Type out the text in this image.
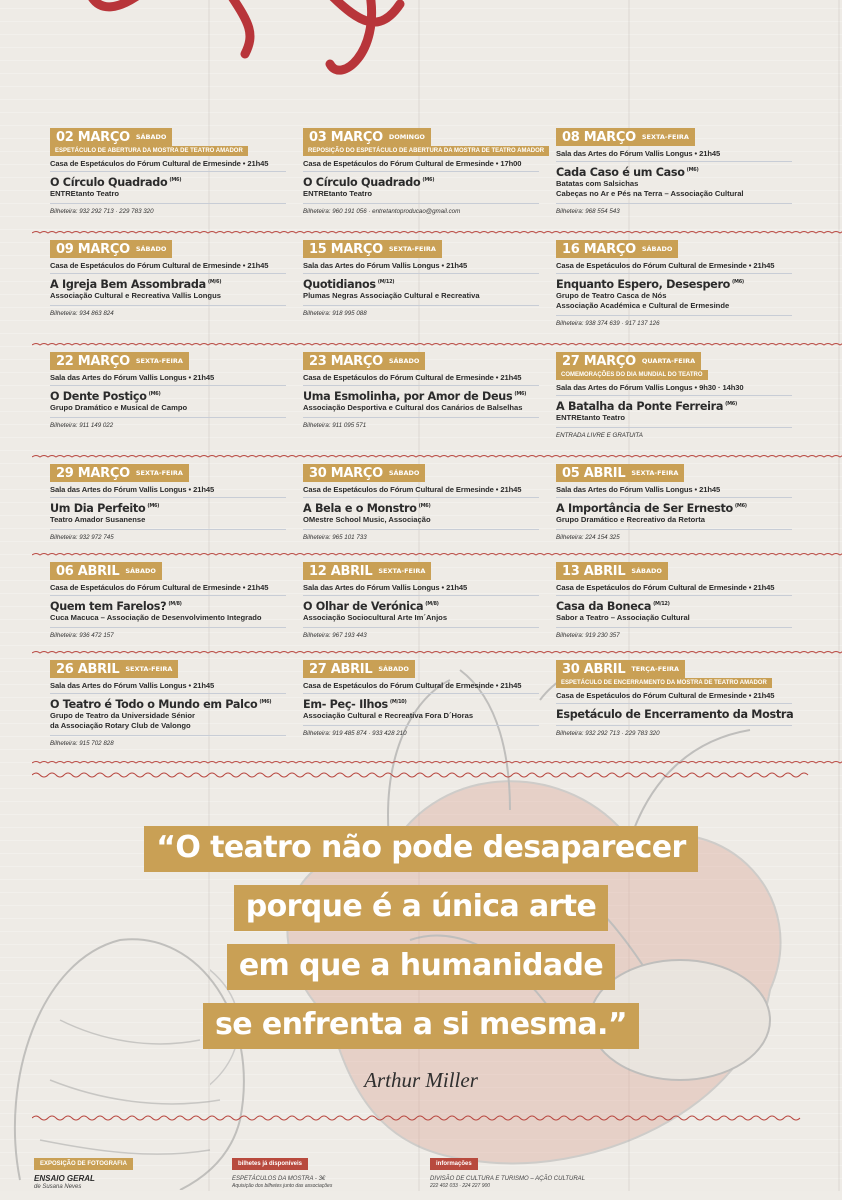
02 MARÇO SÁBADO
ESPETÁCULO DE ABERTURA DA MOSTRA DE TEATRO AMADOR
Casa de Espetáculos do Fórum Cultural de Ermesinde • 21h45
O Círculo Quadrado $^{(M6)}$
ENTREtanto Teatro
Bilheteira: 932 292 713 · 229 783 320
03 MARÇO DOMINGO
REPOSIÇÃO DO ESPETÁCULO DE ABERTURA DA MOSTRA DE TEATRO AMADOR
Casa de Espetáculos do Fórum Cultural de Ermesinde • 17h00
O Círculo Quadrado $^{(M6)}$
ENTREtanto Teatro
Bilheteira: 960 191 056 · entretantoproducao@gmail.com
08 MARÇO SEXTA-FEIRA
Sala das Artes do Fórum Vallis Longus • 21h45
Cada Caso é um Caso $^{(M6)}$
Batatas com Salsichas
Cabeças no Ar e Pés na Terra – Associação Cultural
Bilheteira: 968 554 543
09 MARÇO SÁBADO
Casa de Espetáculos do Fórum Cultural de Ermesinde • 21h45
A Igreja Bem Assombrada $^{(M/6)}$
Associação Cultural e Recreativa Vallis Longus
Bilheteira: 934 863 824
15 MARÇO SEXTA-FEIRA
Sala das Artes do Fórum Vallis Longus • 21h45
Quotidianos $^{(M/12)}$
Plumas Negras Associação Cultural e Recreativa
Bilheteira: 918 995 088
16 MARÇO SÁBADO
Casa de Espetáculos do Fórum Cultural de Ermesinde • 21h45
Enquanto Espero, Desespero $^{(M6)}$
Grupo de Teatro Casca de Nós
Associação Académica e Cultural de Ermesinde
Bilheteira: 938 374 639 · 917 137 126
22 MARÇO SEXTA-FEIRA
Sala das Artes do Fórum Vallis Longus • 21h45
O Dente Postiço $^{(M6)}$
Grupo Dramático e Musical de Campo
Bilheteira: 911 149 022
23 MARÇO SÁBADO
Casa de Espetáculos do Fórum Cultural de Ermesinde • 21h45
Uma Esmolinha, por Amor de Deus $^{(M6)}$
Associação Desportiva e Cultural dos Canários de Balselhas
Bilheteira: 911 095 571
27 MARÇO QUARTA-FEIRA
COMEMORAÇÕES DO DIA MUNDIAL DO TEATRO
Sala das Artes do Fórum Vallis Longus • 9h30 · 14h30
A Batalha da Ponte Ferreira $^{(M6)}$
ENTREtanto Teatro
ENTRADA LIVRE E GRATUITA
29 MARÇO SEXTA-FEIRA
Sala das Artes do Fórum Vallis Longus • 21h45
Um Dia Perfeito $^{(M6)}$
Teatro Amador Susanense
Bilheteira: 932 972 745
30 MARÇO SÁBADO
Casa de Espetáculos do Fórum Cultural de Ermesinde • 21h45
A Bela e o Monstro $^{(M6)}$
OMestre School Music, Associação
Bilheteira: 965 101 733
05 ABRIL SEXTA-FEIRA
Sala das Artes do Fórum Vallis Longus • 21h45
A Importância de Ser Ernesto $^{(M6)}$
Grupo Dramático e Recreativo da Retorta
Bilheteira: 224 154 325
06 ABRIL SÁBADO
Casa de Espetáculos do Fórum Cultural de Ermesinde • 21h45
Quem tem Farelos? $^{(M/8)}$
Cuca Macuca – Associação de Desenvolvimento Integrado
Bilheteira: 936 472 157
12 ABRIL SEXTA-FEIRA
Sala das Artes do Fórum Vallis Longus • 21h45
O Olhar de Verónica $^{(M/8)}$
Associação Sociocultural Arte Im´Anjos
Bilheteira: 967 193 443
13 ABRIL SÁBADO
Casa de Espetáculos do Fórum Cultural de Ermesinde • 21h45
Casa da Boneca $^{(M/12)}$
Sabor a Teatro – Associação Cultural
Bilheteira: 919 230 357
26 ABRIL SEXTA-FEIRA
Sala das Artes do Fórum Vallis Longus • 21h45
O Teatro é Todo o Mundo em Palco $^{(M6)}$
Grupo de Teatro da Universidade Sénior
da Associação Rotary Club de Valongo
Bilheteira: 915 702 828
27 ABRIL SÁBADO
Casa de Espetáculos do Fórum Cultural de Ermesinde • 21h45
Em- Peç- Ilhos $^{(M/10)}$
Associação Cultural e Recreativa Fora D´Horas
Bilheteira: 919 485 874 · 933 428 210
30 ABRIL TERÇA-FEIRA
ESPETÁCULO DE ENCERRAMENTO DA MOSTRA DE TEATRO AMADOR
Casa de Espetáculos do Fórum Cultural de Ermesinde • 21h45
Espetáculo de Encerramento da Mostra
Bilheteira: 932 292 713 · 229 783 320
“O teatro não pode desaparecer
porque é a única arte
em que a humanidade
se enfrenta a si mesma.”
Arthur Miller
EXPOSIÇÃO DE FOTOGRAFIA
ENSAIO GERAL
de Susana Neves
bilhetes já disponíveis
ESPETÁCULOS DA MOSTRA - 3€
Aquisição dos bilhetes junto das associações
informações
DIVISÃO DE CULTURA E TURISMO – AÇÃO CULTURAL
222 402 033 · 224 227 900
